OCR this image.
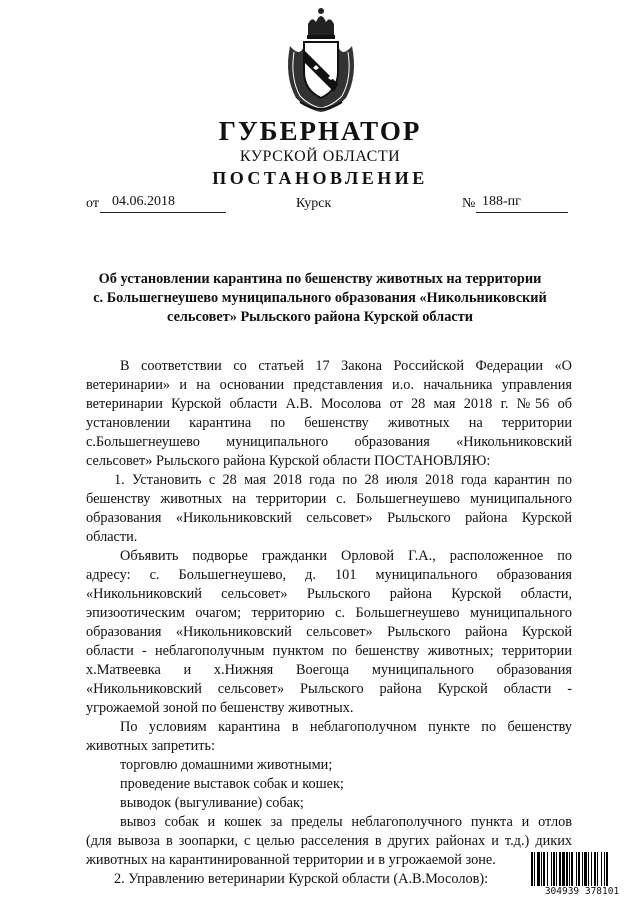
ГУБЕРНАТОР
КУРСКОЙ ОБЛАСТИ
ПОСТАНОВЛЕНИЕ
от 04.06.2018	Курск	№ 188-пг
Об установлении карантина по бешенству животных на территории
с. Большегнеушево муниципального образования «Никольниковский
сельсовет» Рыльского района Курской области
В соответствии со статьей 17 Закона Российской Федерации «О
ветеринарии» и на основании представления и.о. начальника управления
ветеринарии Курской области А.В. Мосолова от 28 мая 2018 г. №56 об
установлении карантина по бешенству животных на территории
с.Большегнеушево муниципального образования «Никольниковский
сельсовет» Рыльского района Курской области ПОСТАНОВЛЯЮ:
1. Установить с 28 мая 2018 года по 28 июля 2018 года карантин по
бешенству животных на территории с. Большегнеушево муниципального
образования «Никольниковский сельсовет» Рыльского района Курской
области.
Объявить подворье гражданки Орловой Г.А., расположенное по
адресу: с. Большегнеушево, д. 101 муниципального образования
«Никольниковский сельсовет» Рыльского района Курской области,
эпизоотическим очагом; территорию с. Большегнеушево муниципального
образования «Никольниковский сельсовет» Рыльского района Курской
области - неблагополучным пунктом по бешенству животных; территории
х.Матвеевка и х.Нижняя Воегоща муниципального образования
«Никольниковский сельсовет» Рыльского района Курской области -
угрожаемой зоной по бешенству животных.
По условиям карантина в неблагополучном пункте по бешенству
животных запретить:
торговлю домашними животными;
проведение выставок собак и кошек;
выводок (выгуливание) собак;
вывоз собак и кошек за пределы неблагополучного пункта и отлов
(для вывоза в зоопарки, с целью расселения в других районах и т.д.) диких
животных на карантинированной территории и в угрожаемой зоне.
2. Управлению ветеринарии Курской области (А.В.Мосолов):
304939 378101
